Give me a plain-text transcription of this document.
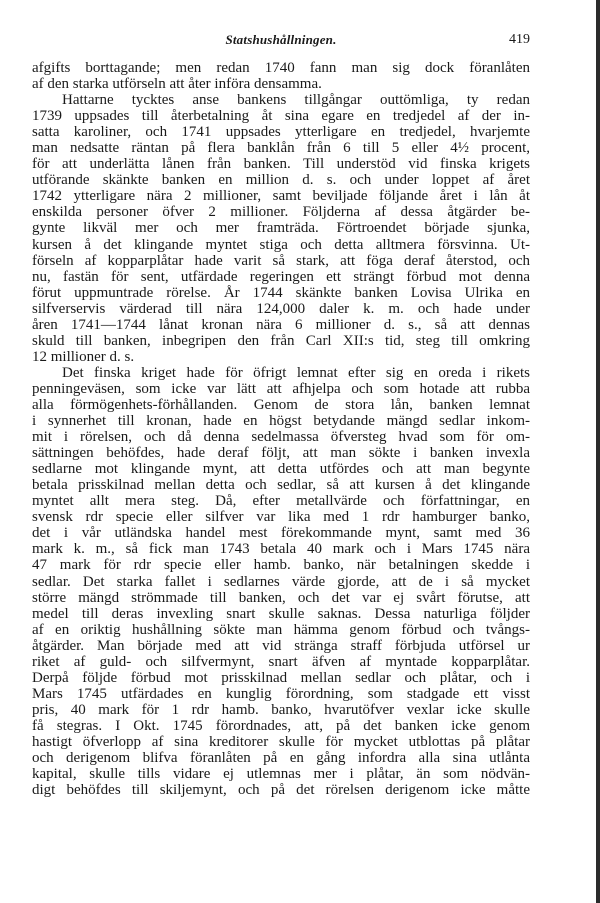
Statshushållningen.	419
afgifts borttagande; men redan 1740 fann man sig dock föranlåten
af den starka utförseln att åter införa densamma.
Hattarne tycktes anse bankens tillgångar outtömliga, ty redan
1739 uppsades till återbetalning åt sina egare en tredjedel af der in-
satta karoliner, och 1741 uppsades ytterligare en tredjedel, hvarjemte
man nedsatte räntan på flera banklån från 6 till 5 eller 4½ procent,
för att underlätta lånen från banken. Till understöd vid finska krigets
utförande skänkte banken en million d. s. och under loppet af året
1742 ytterligare nära 2 millioner, samt beviljade följande året i lån åt
enskilda personer öfver 2 millioner. Följderna af dessa åtgärder be-
gynte likväl mer och mer framträda. Förtroendet började sjunka,
kursen å det klingande myntet stiga och detta alltmera försvinna. Ut-
förseln af kopparplåtar hade varit så stark, att föga deraf återstod, och
nu, fastän för sent, utfärdade regeringen ett strängt förbud mot denna
förut uppmuntrade rörelse. År 1744 skänkte banken Lovisa Ulrika en
silfverservis värderad till nära 124,000 daler k. m. och hade under
åren 1741—1744 lånat kronan nära 6 millioner d. s., så att dennas
skuld till banken, inbegripen den från Carl XII:s tid, steg till omkring
12 millioner d. s.
Det finska kriget hade för öfrigt lemnat efter sig en oreda i rikets
penningeväsen, som icke var lätt att afhjelpa och som hotade att rubba
alla förmögenhets-förhållanden. Genom de stora lån, banken lemnat
i synnerhet till kronan, hade en högst betydande mängd sedlar inkom-
mit i rörelsen, och då denna sedelmassa öfversteg hvad som för om-
sättningen behöfdes, hade deraf följt, att man sökte i banken invexla
sedlarne mot klingande mynt, att detta utfördes och att man begynte
betala prisskilnad mellan detta och sedlar, så att kursen å det klingande
myntet allt mera steg. Då, efter metallvärde och författningar, en
svensk rdr specie eller silfver var lika med 1 rdr hamburger banko,
det i vår utländska handel mest förekommande mynt, samt med 36
mark k. m., så fick man 1743 betala 40 mark och i Mars 1745 nära
47 mark för rdr specie eller hamb. banko, när betalningen skedde i
sedlar. Det starka fallet i sedlarnes värde gjorde, att de i så mycket
större mängd strömmade till banken, och det var ej svårt förutse, att
medel till deras invexling snart skulle saknas. Dessa naturliga följder
af en oriktig hushållning sökte man hämma genom förbud och tvångs-
åtgärder. Man började med att vid stränga straff förbjuda utförsel ur
riket af guld- och silfvermynt, snart äfven af myntade kopparplåtar.
Derpå följde förbud mot prisskilnad mellan sedlar och plåtar, och i
Mars 1745 utfärdades en kunglig förordning, som stadgade ett visst
pris, 40 mark för 1 rdr hamb. banko, hvarutöfver vexlar icke skulle
få stegras. I Okt. 1745 förordnades, att, på det banken icke genom
hastigt öfverlopp af sina kreditorer skulle för mycket utblottas på plåtar
och derigenom blifva föranlåten på en gång infordra alla sina utlånta
kapital, skulle tills vidare ej utlemnas mer i plåtar, än som nödvän-
digt behöfdes till skiljemynt, och på det rörelsen derigenom icke måtte
